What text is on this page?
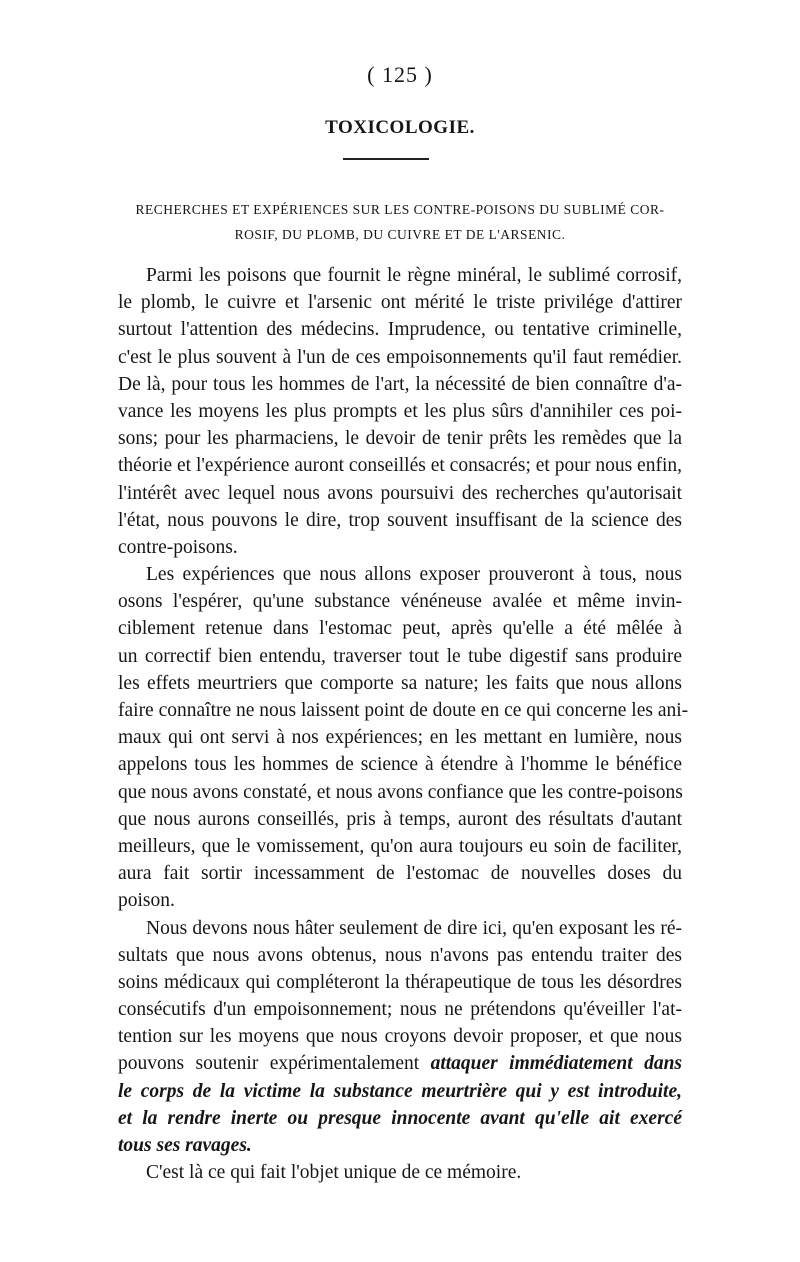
( 125 )
TOXICOLOGIE.
RECHERCHES ET EXPÉRIENCES SUR LES CONTRE-POISONS DU SUBLIMÉ COR-
ROSIF, DU PLOMB, DU CUIVRE ET DE L'ARSENIC.
Parmi les poisons que fournit le règne minéral, le sublimé corrosif,
le plomb, le cuivre et l'arsenic ont mérité le triste privilége d'attirer
surtout l'attention des médecins. Imprudence, ou tentative criminelle,
c'est le plus souvent à l'un de ces empoisonnements qu'il faut remédier.
De là, pour tous les hommes de l'art, la nécessité de bien connaître d'a-
vance les moyens les plus prompts et les plus sûrs d'annihiler ces poi-
sons; pour les pharmaciens, le devoir de tenir prêts les remèdes que la
théorie et l'expérience auront conseillés et consacrés; et pour nous enfin,
l'intérêt avec lequel nous avons poursuivi des recherches qu'autorisait
l'état, nous pouvons le dire, trop souvent insuffisant de la science des
contre-poisons.
Les expériences que nous allons exposer prouveront à tous, nous
osons l'espérer, qu'une substance vénéneuse avalée et même invin-
ciblement retenue dans l'estomac peut, après qu'elle a été mêlée à
un correctif bien entendu, traverser tout le tube digestif sans produire
les effets meurtriers que comporte sa nature; les faits que nous allons
faire connaître ne nous laissent point de doute en ce qui concerne les ani-
maux qui ont servi à nos expériences; en les mettant en lumière, nous
appelons tous les hommes de science à étendre à l'homme le bénéfice
que nous avons constaté, et nous avons confiance que les contre-poisons
que nous aurons conseillés, pris à temps, auront des résultats d'autant
meilleurs, que le vomissement, qu'on aura toujours eu soin de faciliter,
aura fait sortir incessamment de l'estomac de nouvelles doses du
poison.
Nous devons nous hâter seulement de dire ici, qu'en exposant les ré-
sultats que nous avons obtenus, nous n'avons pas entendu traiter des
soins médicaux qui compléteront la thérapeutique de tous les désordres
consécutifs d'un empoisonnement; nous ne prétendons qu'éveiller l'at-
tention sur les moyens que nous croyons devoir proposer, et que nous
pouvons soutenir expérimentalement attaquer immédiatement dans
le corps de la victime la substance meurtrière qui y est introduite,
et la rendre inerte ou presque innocente avant qu'elle ait exercé
tous ses ravages.
C'est là ce qui fait l'objet unique de ce mémoire.
